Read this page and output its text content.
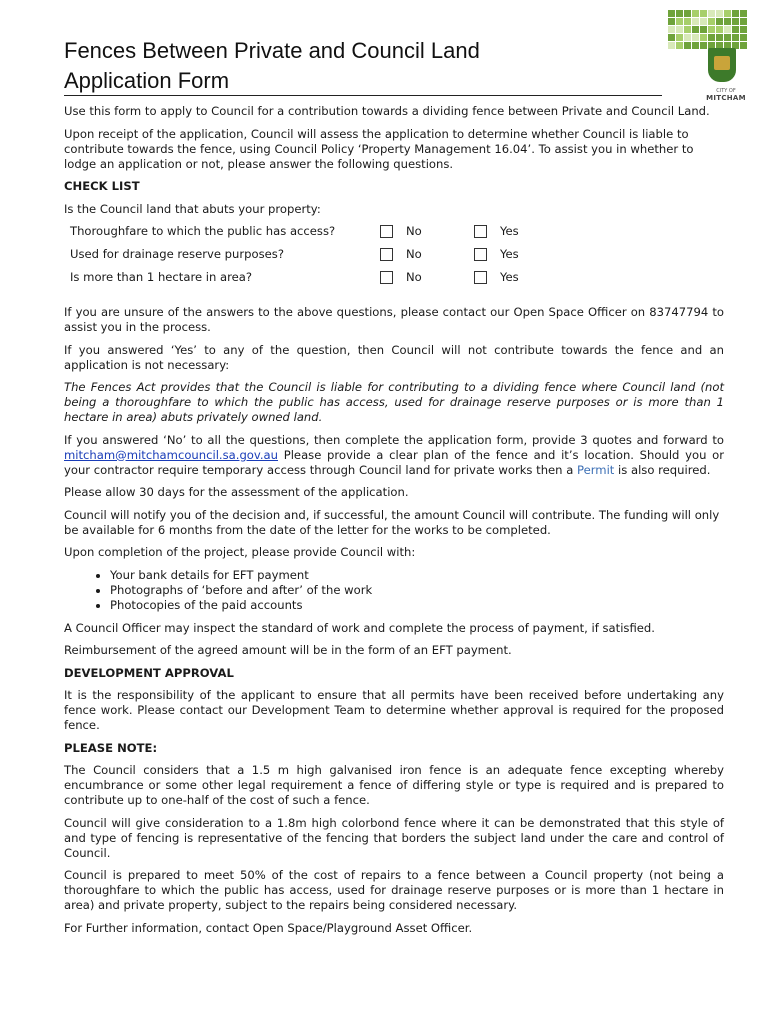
CITY OF
MITCHAM
Fences Between Private and Council Land
Application Form

Use this form to apply to Council for a contribution towards a dividing fence between Private and Council Land.

Upon receipt of the application, Council will assess the application to determine whether Council is liable to contribute towards the fence, using Council Policy ‘Property Management 16.04’. To assist you in whether to lodge an application or not, please answer the following questions.

CHECK LIST

Is the Council land that abuts your property:

Thoroughfare to which the public has access?		No		Yes
Used for drainage reserve purposes?		No		Yes
Is more than 1 hectare in area?		No		Yes

If you are unsure of the answers to the above questions, please contact our Open Space Officer on 83747794 to assist you in the process.

If you answered ‘Yes’ to any of the question, then Council will not contribute towards the fence and an application is not necessary:

The Fences Act provides that the Council is liable for contributing to a dividing fence where Council land (not being a thoroughfare to which the public has access, used for drainage reserve purposes or is more than 1 hectare in area) abuts privately owned land.

If you answered ‘No’ to all the questions, then complete the application form, provide 3 quotes and forward to mitcham@mitchamcouncil.sa.gov.au Please provide a clear plan of the fence and it’s location. Should you or your contractor require temporary access through Council land for private works then a Permit is also required.

Please allow 30 days for the assessment of the application.

Council will notify you of the decision and, if successful, the amount Council will contribute. The funding will only be available for 6 months from the date of the letter for the works to be completed.

Upon completion of the project, please provide Council with:

• Your bank details for EFT payment
• Photographs of ‘before and after’ of the work
• Photocopies of the paid accounts

A Council Officer may inspect the standard of work and complete the process of payment, if satisfied.

Reimbursement of the agreed amount will be in the form of an EFT payment.

DEVELOPMENT APPROVAL

It is the responsibility of the applicant to ensure that all permits have been received before undertaking any fence work. Please contact our Development Team to determine whether approval is required for the proposed fence.

PLEASE NOTE:

The Council considers that a 1.5 m high galvanised iron fence is an adequate fence excepting whereby encumbrance or some other legal requirement a fence of differing style or type is required and is prepared to contribute up to one-half of the cost of such a fence.

Council will give consideration to a 1.8m high colorbond fence where it can be demonstrated that this style of and type of fencing is representative of the fencing that borders the subject land under the care and control of Council.

Council is prepared to meet 50% of the cost of repairs to a fence between a Council property (not being a thoroughfare to which the public has access, used for drainage reserve purposes or is more than 1 hectare in area) and private property, subject to the repairs being considered necessary.

For Further information, contact Open Space/Playground Asset Officer.
